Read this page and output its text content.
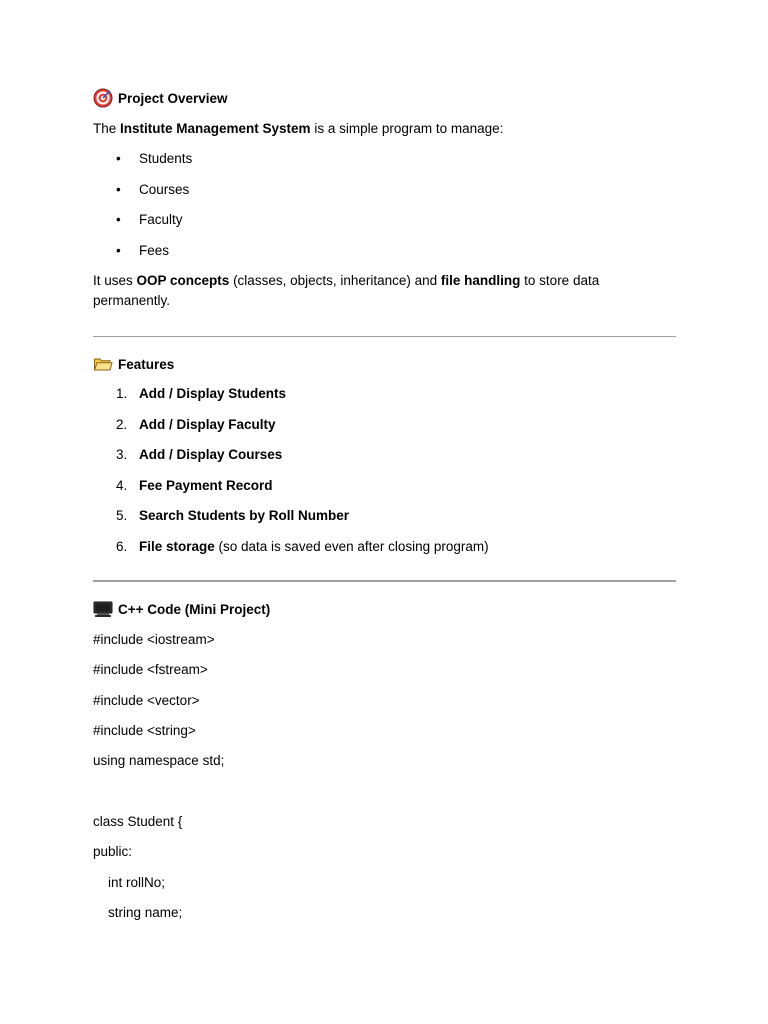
Project Overview
The Institute Management System is a simple program to manage:
• Students
• Courses
• Faculty
• Fees
It uses OOP concepts (classes, objects, inheritance) and file handling to store data permanently.
Features
1. Add / Display Students
2. Add / Display Faculty
3. Add / Display Courses
4. Fee Payment Record
5. Search Students by Roll Number
6. File storage (so data is saved even after closing program)
C++ Code (Mini Project)
#include <iostream>
#include <fstream>
#include <vector>
#include <string>
using namespace std;
class Student {
public:
int rollNo;
string name;
